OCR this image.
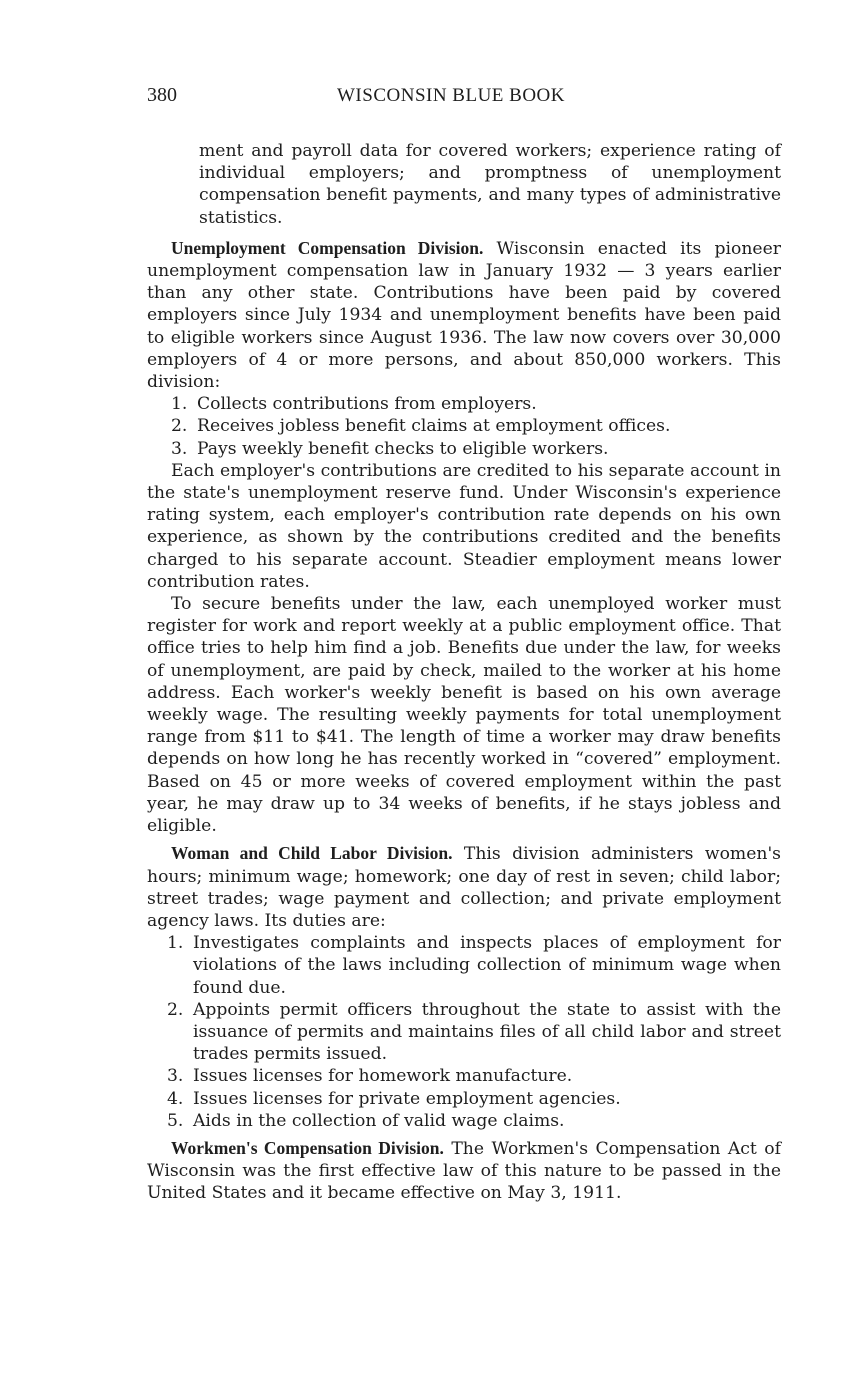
380	WISCONSIN BLUE BOOK

ment and payroll data for covered workers; experience rating of individual employers; and promptness of unemployment compensation benefit payments, and many types of administrative statistics.

Unemployment Compensation Division. Wisconsin enacted its pioneer unemployment compensation law in January 1932 — 3 years earlier than any other state. Contributions have been paid by covered employers since July 1934 and unemployment benefits have been paid to eligible workers since August 1936. The law now covers over 30,000 employers of 4 or more persons, and about 850,000 workers. This division:

1. Collects contributions from employers.
2. Receives jobless benefit claims at employment offices.
3. Pays weekly benefit checks to eligible workers.

Each employer's contributions are credited to his separate account in the state's unemployment reserve fund. Under Wisconsin's experience rating system, each employer's contribution rate depends on his own experience, as shown by the contributions credited and the benefits charged to his separate account. Steadier employment means lower contribution rates.

To secure benefits under the law, each unemployed worker must register for work and report weekly at a public employment office. That office tries to help him find a job. Benefits due under the law, for weeks of unemployment, are paid by check, mailed to the worker at his home address. Each worker's weekly benefit is based on his own average weekly wage. The resulting weekly payments for total unemployment range from $11 to $41. The length of time a worker may draw benefits depends on how long he has recently worked in “covered” employment. Based on 45 or more weeks of covered employment within the past year, he may draw up to 34 weeks of benefits, if he stays jobless and eligible.

Woman and Child Labor Division. This division administers women's hours; minimum wage; homework; one day of rest in seven; child labor; street trades; wage payment and collection; and private employment agency laws. Its duties are:

1. Investigates complaints and inspects places of employment for violations of the laws including collection of minimum wage when found due.
2. Appoints permit officers throughout the state to assist with the issuance of permits and maintains files of all child labor and street trades permits issued.
3. Issues licenses for homework manufacture.
4. Issues licenses for private employment agencies.
5. Aids in the collection of valid wage claims.

Workmen's Compensation Division. The Workmen's Compensation Act of Wisconsin was the first effective law of this nature to be passed in the United States and it became effective on May 3, 1911.
